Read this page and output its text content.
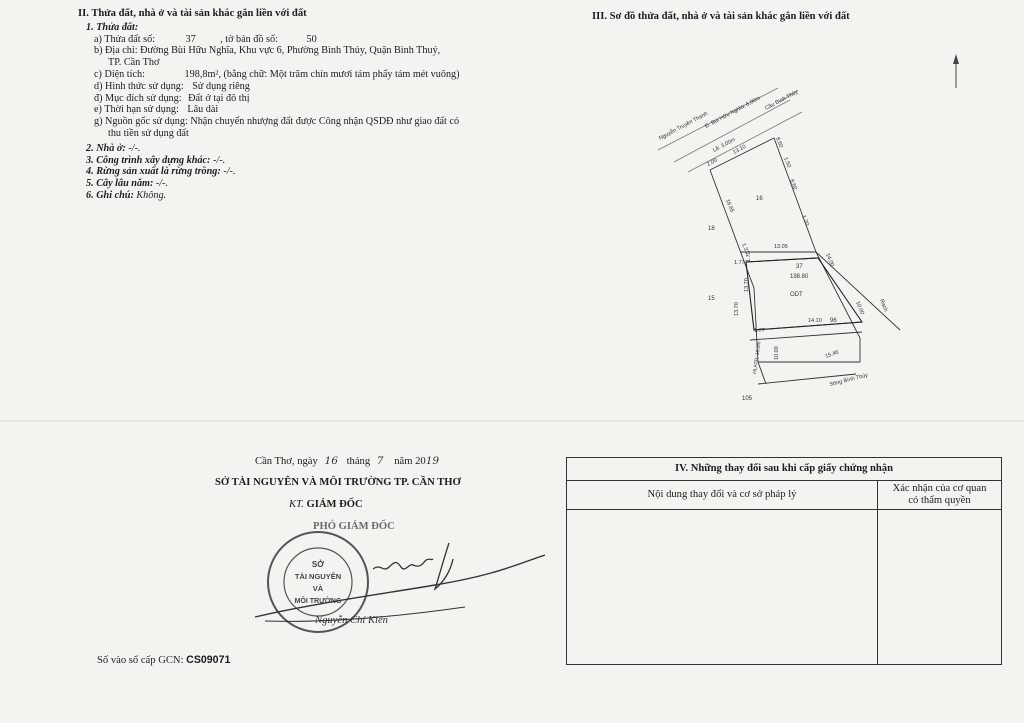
II. Thửa đất, nhà ở và tài sản khác gắn liền với đất
1. Thửa đất:
a) Thửa đất số:	37 , tờ bản đồ số:	50
b) Địa chỉ: Đường Bùi Hữu Nghĩa, Khu vực 6, Phường Bình Thủy, Quận Bình Thuỷ,
TP. Cần Thơ
c) Diện tích:	198,8m², (bằng chữ: Một trăm chín mươi tám phẩy tám mét vuông)
d) Hình thức sử dụng: Sử dụng riêng
đ) Mục đích sử dụng: Đất ở tại đô thị
e) Thời hạn sử dụng: Lâu dài
g) Nguồn gốc sử dụng: Nhận chuyển nhượng đất được Công nhận QSDĐ như giao đất có
thu tiền sử dụng đất
2. Nhà ở: -/-.
3. Công trình xây dựng khác: -/-.
4. Rừng sản xuất là rừng trồng: -/-.
5. Cây lâu năm: -/-.
6. Ghi chú: Không.
III. Sơ đồ thửa đất, nhà ở và tài sản khác gắn liền với đất
Nguyễn Truyền Thanh
Đ. Bùi Hữu Nghĩa: 6,00m Cầu Bình Thủy
Lề: 3,00m
Rạch
Sông Bình Thủy
HLATĐ: 10,0m
37
198.80
ODT
16
18
15
96
105
2.00
13.10
8.60
1.50
8.60
16.65
1.20
13.05
1.31
1.77
1.70	14.00
13.70
13.70
14.10
10.00
1.77
10.00	15.46
Cần Thơ, ngày 16 tháng 7 năm 2019
SỞ TÀI NGUYÊN VÀ MÔI TRƯỜNG TP. CẦN THƠ
KT. GIÁM ĐỐC
PHÓ GIÁM ĐỐC
SỞ
TÀI NGUYÊN
VÀ
MÔI TRƯỜNG
Nguyễn Chí Kiên
Số vào sổ cấp GCN: CS09071
IV. Những thay đổi sau khi cấp giấy chứng nhận
Nội dung thay đổi và cơ sở pháp lý
Xác nhận của cơ quan
có thẩm quyền
